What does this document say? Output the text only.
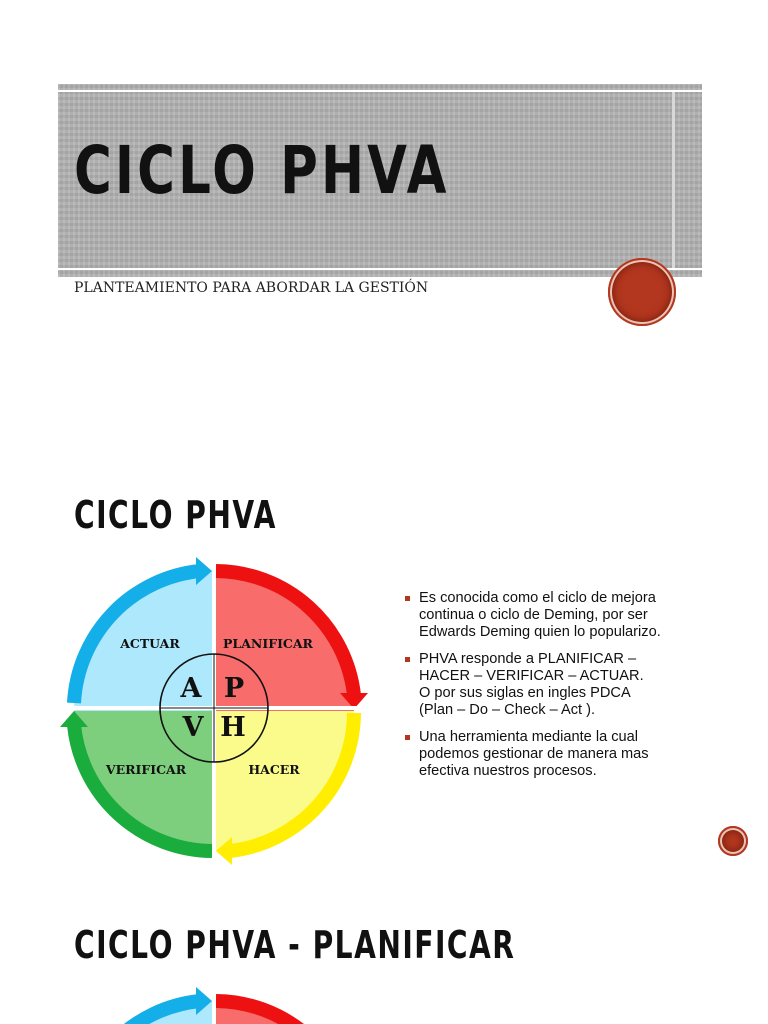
CICLO PHVA
PLANTEAMIENTO PARA ABORDAR LA GESTIÓN
CICLO PHVA
ACTUAR	PLANIFICAR
VERIFICAR	HACER
A P
V H
Es conocida como el ciclo de mejora
continua o ciclo de Deming, por ser
Edwards Deming quien lo popularizo.
PHVA responde a PLANIFICAR –
HACER – VERIFICAR – ACTUAR.
O por sus siglas en ingles PDCA
(Plan – Do – Check – Act ).
Una herramienta mediante la cual
podemos gestionar de manera mas
efectiva nuestros procesos.
CICLO PHVA - PLANIFICAR
